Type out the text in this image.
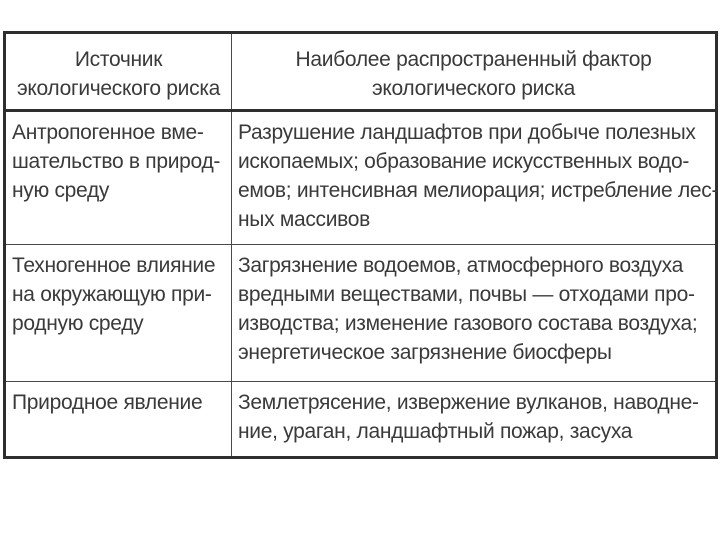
Источник
экологического риска	Наиболее распространенный фактор
экологического риска

Антропогенное вме-
шательство в природ-
ную среду	Разрушение ландшафтов при добыче полезных
ископаемых; образование искусственных водо-
емов; интенсивная мелиорация; истребление лес-
ных массивов

Техногенное влияние
на окружающую при-
родную среду	Загрязнение водоемов, атмосферного воздуха
вредными веществами, почвы — отходами про-
изводства; изменение газового состава воздуха;
энергетическое загрязнение биосферы

Природное явление	Землетрясение, извержение вулканов, наводне-
ние, ураган, ландшафтный пожар, засуха
